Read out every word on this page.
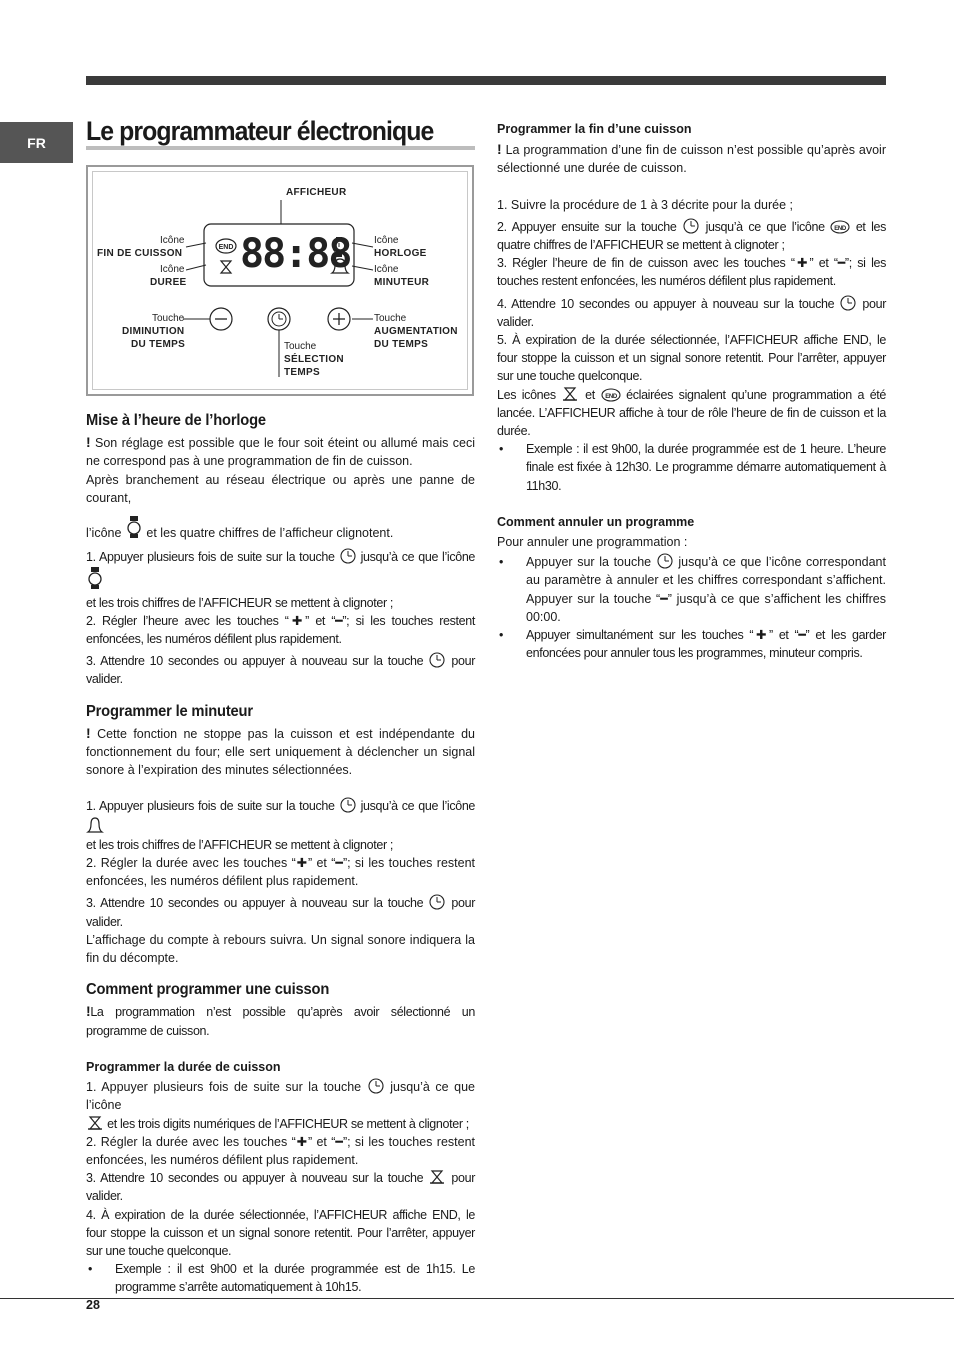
FR Le programmateur électronique
END 88:88
AFFICHEUR
Icône
FIN DE CUISSON
Icône
DUREE
Icône
HORLOGE
Icône
MINUTEUR
Touche
DIMINUTION
DU TEMPS	Touche
SÉLECTION
TEMPS
Touche
AUGMENTATION
DU TEMPS
Mise à l’heure de l’horloge

! Son réglage est possible que le four soit éteint ou allumé mais ceci ne correspond pas à une programmation de fin de cuisson.

Après branchement au réseau électrique ou après une panne de courant,

l’icône et les quatre chiffres de l’afficheur clignotent.

1. Appuyer plusieurs fois de suite sur la touche jusqu’à ce que l’icône

et les trois chiffres de l’AFFICHEUR se mettent à clignoter ;

2. Régler l’heure avec les touches “✚” et “━”; si les touches restent enfoncées, les numéros défilent plus rapidement.

3. Attendre 10 secondes ou appuyer à nouveau sur la touche pour valider.

Programmer le minuteur

! Cette fonction ne stoppe pas la cuisson et est indépendante du fonctionnement du four; elle sert uniquement à déclencher un signal sonore à l’expiration des minutes sélectionnées.

1. Appuyer plusieurs fois de suite sur la touche jusqu’à ce que l’icône

et les trois chiffres de l’AFFICHEUR se mettent à clignoter ;

2. Régler la durée avec les touches “✚” et “━”; si les touches restent enfoncées, les numéros défilent plus rapidement.

3. Attendre 10 secondes ou appuyer à nouveau sur la touche pour valider.

L’affichage du compte à rebours suivra. Un signal sonore indiquera la fin du décompte.

Comment programmer une cuisson

!La programmation n’est possible qu’après avoir sélectionné un programme de cuisson.

Programmer la durée de cuisson

1. Appuyer plusieurs fois de suite sur la touche jusqu’à ce que l’icône

et les trois digits numériques de l’AFFICHEUR se mettent à clignoter ;

2. Régler la durée avec les touches “✚” et “━”; si les touches restent enfoncées, les numéros défilent plus rapidement.

3. Attendre 10 secondes ou appuyer à nouveau sur la touche pour valider.

4. À expiration de la durée sélectionnée, l’AFFICHEUR affiche END, le four stoppe la cuisson et un signal sonore retentit. Pour l’arrêter, appuyer sur une touche quelconque.

•	Exemple : il est 9h00 et la durée programmée est de 1h15. Le programme s’arrête automatiquement à 10h15.
Programmer la fin d’une cuisson

! La programmation d’une fin de cuisson n’est possible qu’après avoir sélectionné une durée de cuisson.

1. Suivre la procédure de 1 à 3 décrite pour la durée ;

2. Appuyer ensuite sur la touche jusqu’à ce que l’icône END et les quatre chiffres de l’AFFICHEUR se mettent à clignoter ;

3. Régler l’heure de fin de cuisson avec les touches “✚” et “━”; si les touches restent enfoncées, les numéros défilent plus rapidement.

4. Attendre 10 secondes ou appuyer à nouveau sur la touche pour valider.

5. À expiration de la durée sélectionnée, l’AFFICHEUR affiche END, le four stoppe la cuisson et un signal sonore retentit. Pour l’arrêter, appuyer sur une touche quelconque.

Les icônes et END éclairées signalent qu’une programmation a été lancée. L’AFFICHEUR affiche à tour de rôle l’heure de fin de cuisson et la durée.

•	Exemple : il est 9h00, la durée programmée est de 1 heure. L’heure finale est fixée à 12h30. Le programme démarre automatiquement à 11h30.
Comment annuler un programme

Pour annuler une programmation :

•	Appuyer sur la touche jusqu’à ce que l’icône correspondant au paramètre à annuler et les chiffres correspondant s’affichent. Appuyer sur la touche “━” jusqu’à ce que s’affichent les chiffres 00:00.
•	Appuyer simultanément sur les touches “✚” et “━” et les garder enfoncées pour annuler tous les programmes, minuteur compris.
28
